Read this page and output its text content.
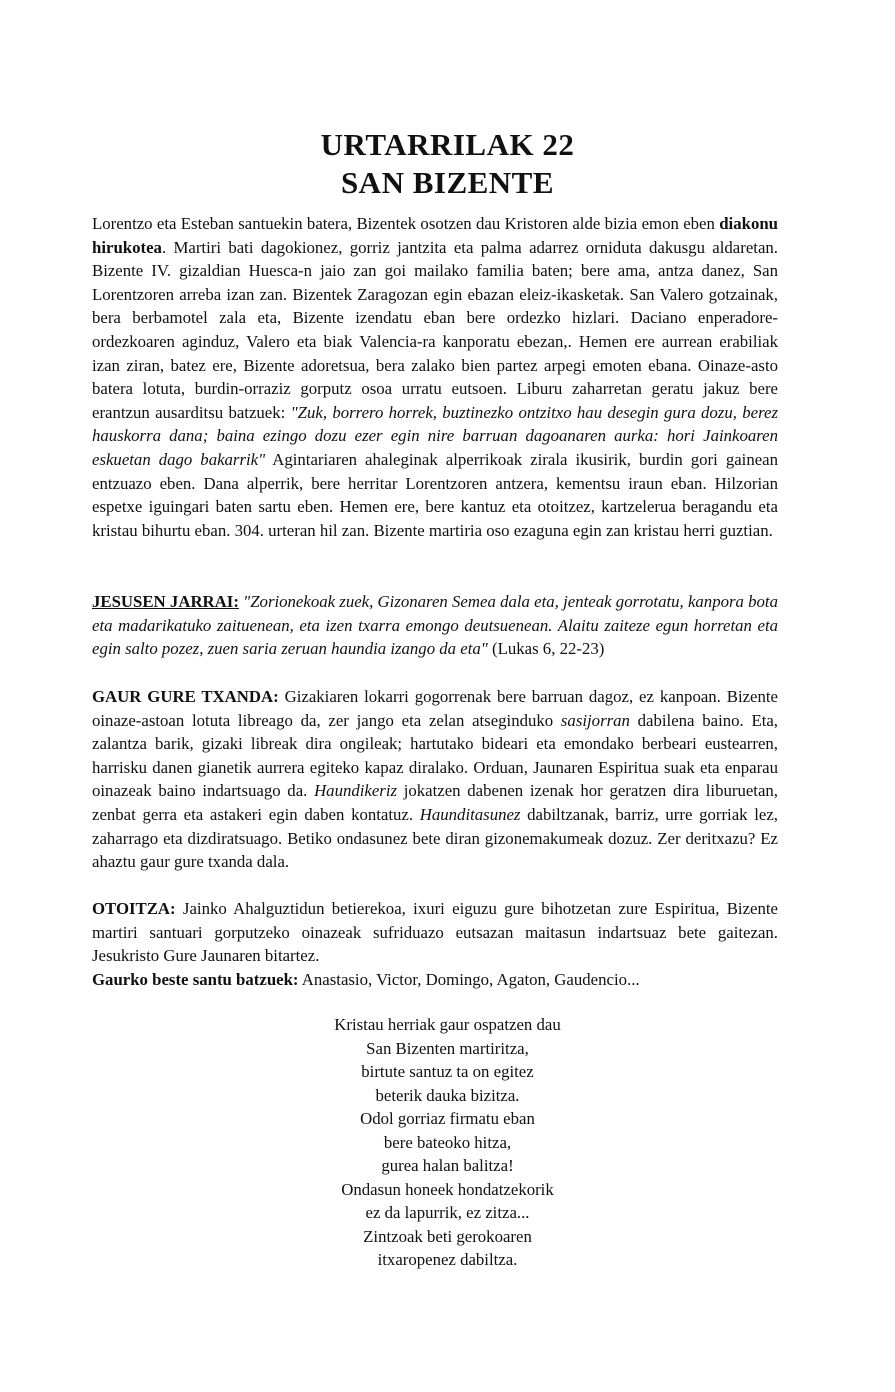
URTARRILAK 22
SAN BIZENTE
Lorentzo eta Esteban santuekin batera, Bizentek osotzen dau Kristoren alde bizia emon eben diakonu hirukotea. Martiri bati dagokionez, gorriz jantzita eta palma adarrez orniduta dakusgu aldaretan. Bizente IV. gizaldian Huesca-n jaio zan goi mailako familia baten; bere ama, antza danez, San Lorentzoren arreba izan zan. Bizentek Zaragozan egin ebazan eleiz-ikasketak. San Valero gotzainak, bera berbamotel zala eta, Bizente izendatu eban bere ordezko hizlari. Daciano enperadore-ordezkoaren aginduz, Valero eta biak Valencia-ra kanporatu ebezan,. Hemen ere aurrean erabiliak izan ziran, batez ere, Bizente adoretsua, bera zalako bien partez arpegi emoten ebana. Oinaze-asto batera lotuta, burdin-orraziz gorputz osoa urratu eutsoen. Liburu zaharretan geratu jakuz bere erantzun ausarditsu batzuek: "Zuk, borrero horrek, buztinezko ontzitxo hau desegin gura dozu, berez hauskorra dana; baina ezingo dozu ezer egin nire barruan dagoanaren aurka: hori Jainkoaren eskuetan dago bakarrik" Agintariaren ahaleginak alperrikoak zirala ikusirik, burdin gori gainean entzuazo eben. Dana alperrik, bere herritar Lorentzoren antzera, kementsu iraun eban. Hilzorian espetxe iguingari baten sartu eben. Hemen ere, bere kantuz eta otoitzez, kartzelerua beragandu eta kristau bihurtu eban. 304. urteran hil zan. Bizente martiria oso ezaguna egin zan kristau herri guztian.
JESUSEN JARRAI: "Zorionekoak zuek, Gizonaren Semea dala eta, jenteak gorrotatu, kanpora bota eta madarikatuko zaituenean, eta izen txarra emongo deutsuenean. Alaitu zaiteze egun horretan eta egin salto pozez, zuen saria zeruan haundia izango da eta" (Lukas 6, 22-23)
GAUR GURE TXANDA: Gizakiaren lokarri gogorrenak bere barruan dagoz, ez kanpoan. Bizente oinaze-astoan lotuta libreago da, zer jango eta zelan atseginduko sasijorran dabilena baino. Eta, zalantza barik, gizaki libreak dira ongileak; hartutako bideari eta emondako berbeari eustearren, harrisku danen gianetik aurrera egiteko kapaz diralako. Orduan, Jaunaren Espiritua suak eta enparau oinazeak baino indartsuago da. Haundikeriz jokatzen dabenen izenak hor geratzen dira liburuetan, zenbat gerra eta astakeri egin daben kontatuz. Haunditasunez dabiltzanak, barriz, urre gorriak lez, zaharrago eta dizdiratsuago. Betiko ondasunez bete diran gizonemakumeak dozuz. Zer deritxazu? Ez ahaztu gaur gure txanda dala.
OTOITZA: Jainko Ahalguztidun betierekoa, ixuri eiguzu gure bihotzetan zure Espiritua, Bizente martiri santuari gorputzeko oinazeak sufriduazo eutsazan maitasun indartsuaz bete gaitezan. Jesukristo Gure Jaunaren bitartez.
Gaurko beste santu batzuek: Anastasio, Victor, Domingo, Agaton, Gaudencio...
Kristau herriak gaur ospatzen dau
San Bizenten martiritza,
birtute santuz ta on egitez
beterik dauka bizitza.
Odol gorriaz firmatu eban
bere bateoko hitza,
gurea halan balitza!
Ondasun honeek hondatzekorik
ez da lapurrik, ez zitza...
Zintzoak beti gerokoaren
itxaropenez dabiltza.
